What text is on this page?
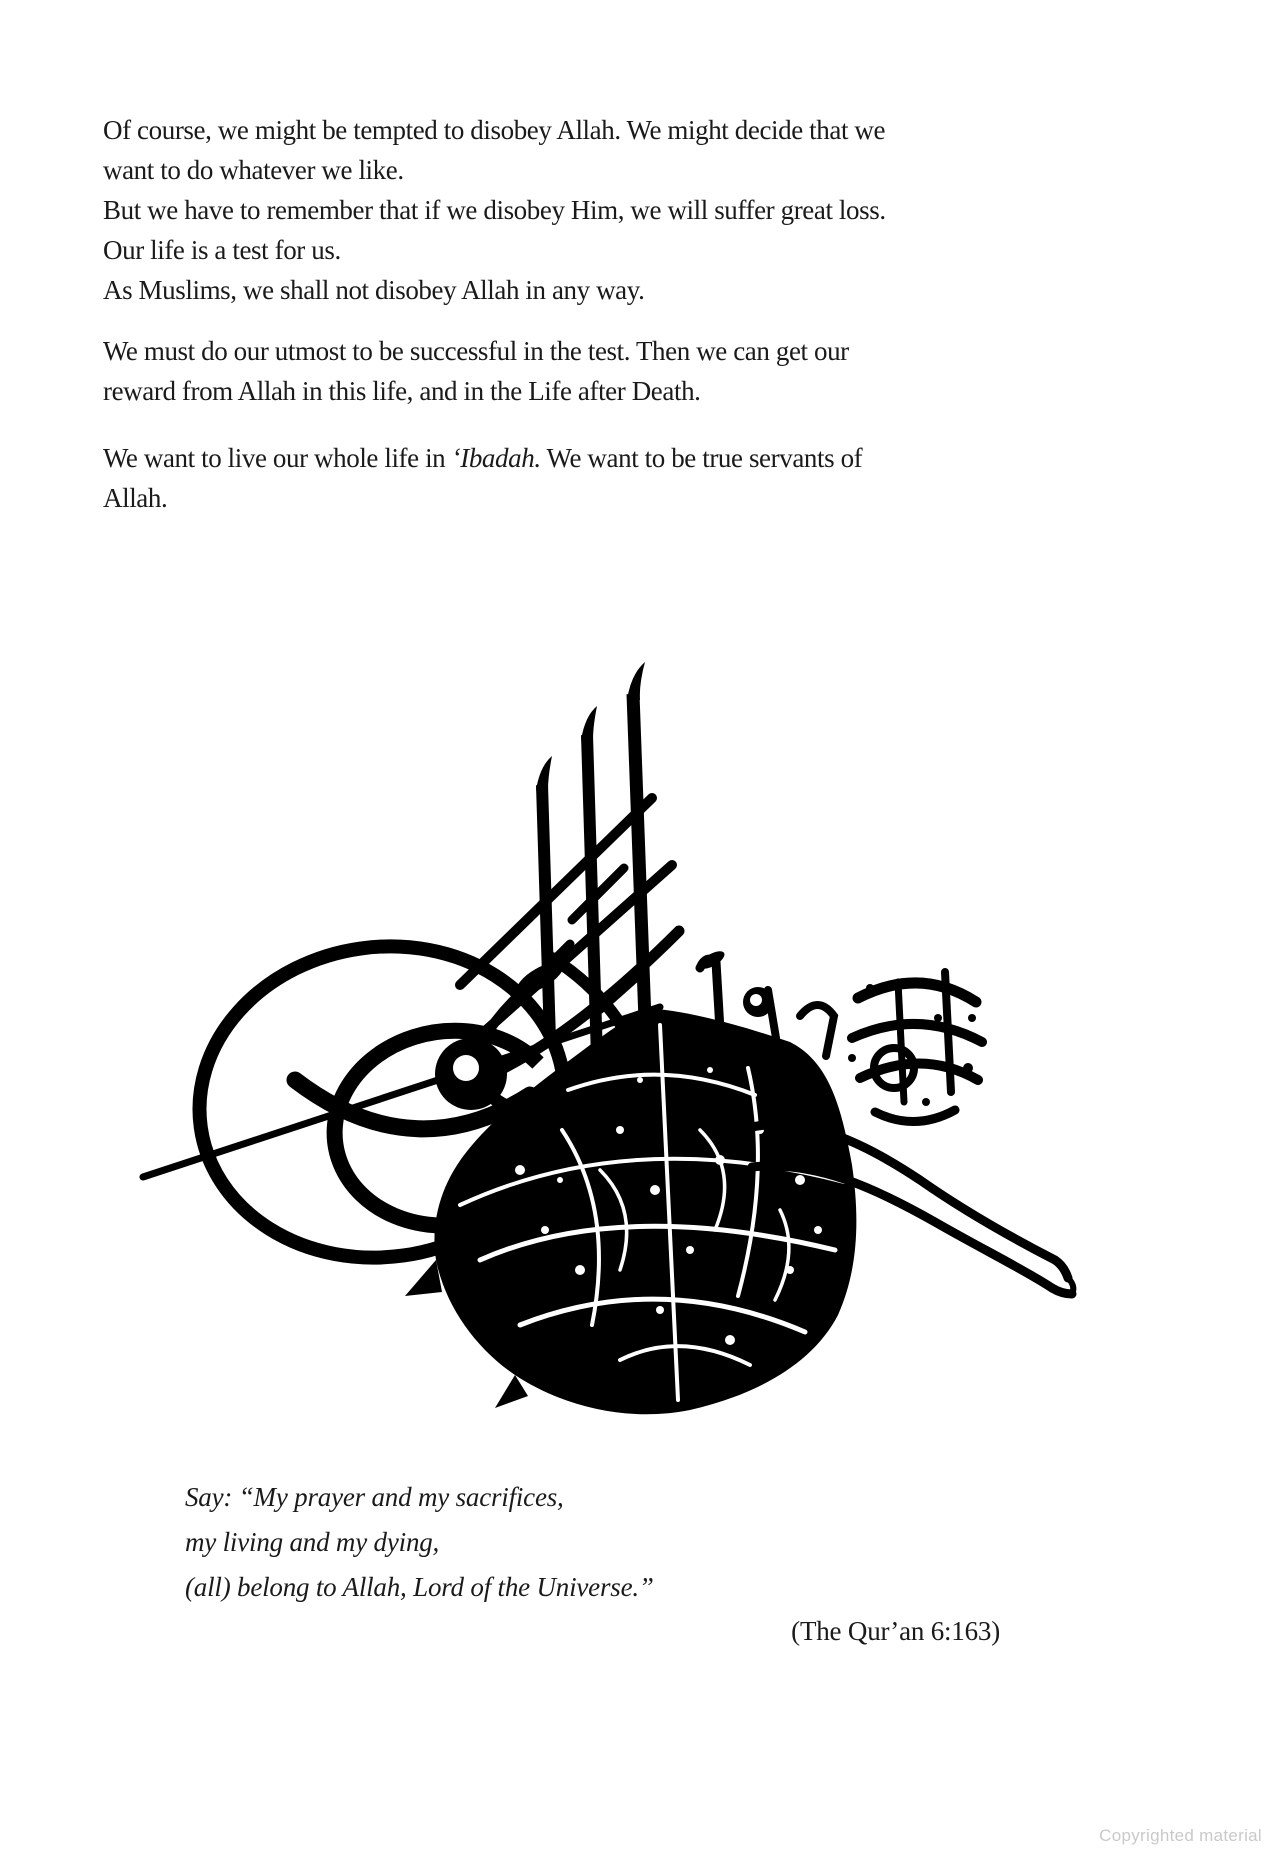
Of course, we might be tempted to disobey Allah. We might decide that we
want to do whatever we like.
But we have to remember that if we disobey Him, we will suffer great loss.
Our life is a test for us.
As Muslims, we shall not disobey Allah in any way.
We must do our utmost to be successful in the test. Then we can get our
reward from Allah in this life, and in the Life after Death.
We want to live our whole life in ‘Ibadah. We want to be true servants of
Allah.
Say: “My prayer and my sacrifices,
my living and my dying,
(all) belong to Allah, Lord of the Universe.”
(The Qur’an 6:163)
Copyrighted material
